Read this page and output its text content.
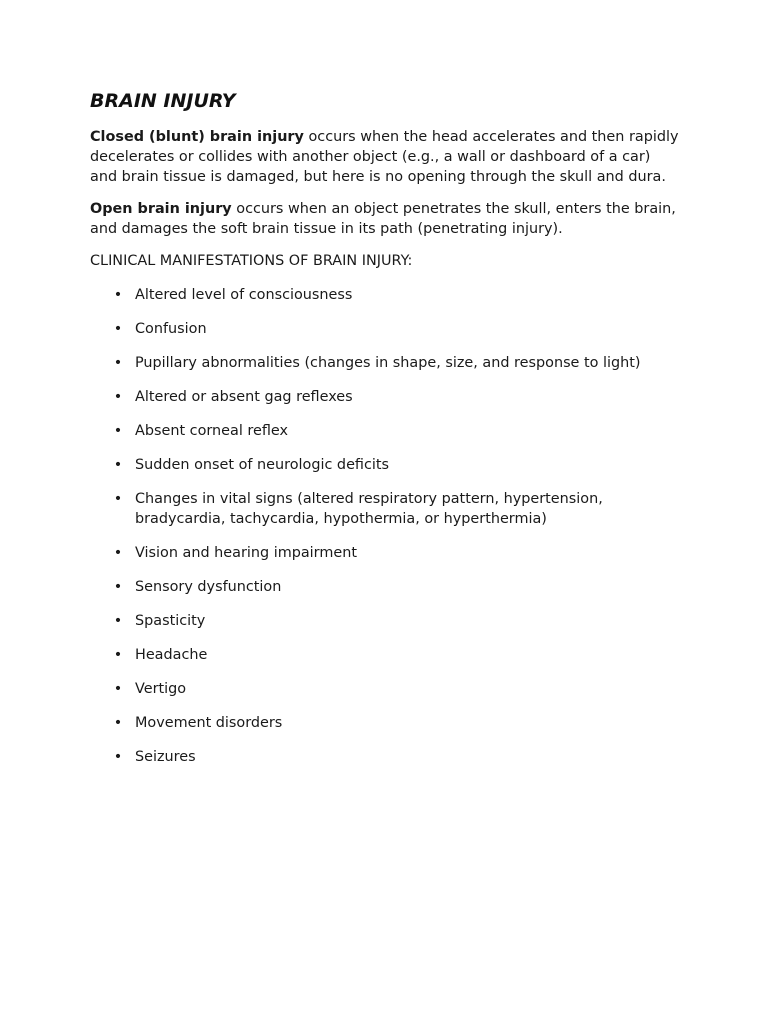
BRAIN INJURY

Closed (blunt) brain injury occurs when the head accelerates and then rapidly decelerates or collides with another object (e.g., a wall or dashboard of a car) and brain tissue is damaged, but here is no opening through the skull and dura.

Open brain injury occurs when an object penetrates the skull, enters the brain, and damages the soft brain tissue in its path (penetrating injury).

CLINICAL MANIFESTATIONS OF BRAIN INJURY:

• Altered level of consciousness
• Confusion
• Pupillary abnormalities (changes in shape, size, and response to light)
• Altered or absent gag reflexes
• Absent corneal reflex
• Sudden onset of neurologic deficits
• Changes in vital signs (altered respiratory pattern, hypertension, bradycardia, tachycardia, hypothermia, or hyperthermia)
• Vision and hearing impairment
• Sensory dysfunction
• Spasticity
• Headache
• Vertigo
• Movement disorders
• Seizures
